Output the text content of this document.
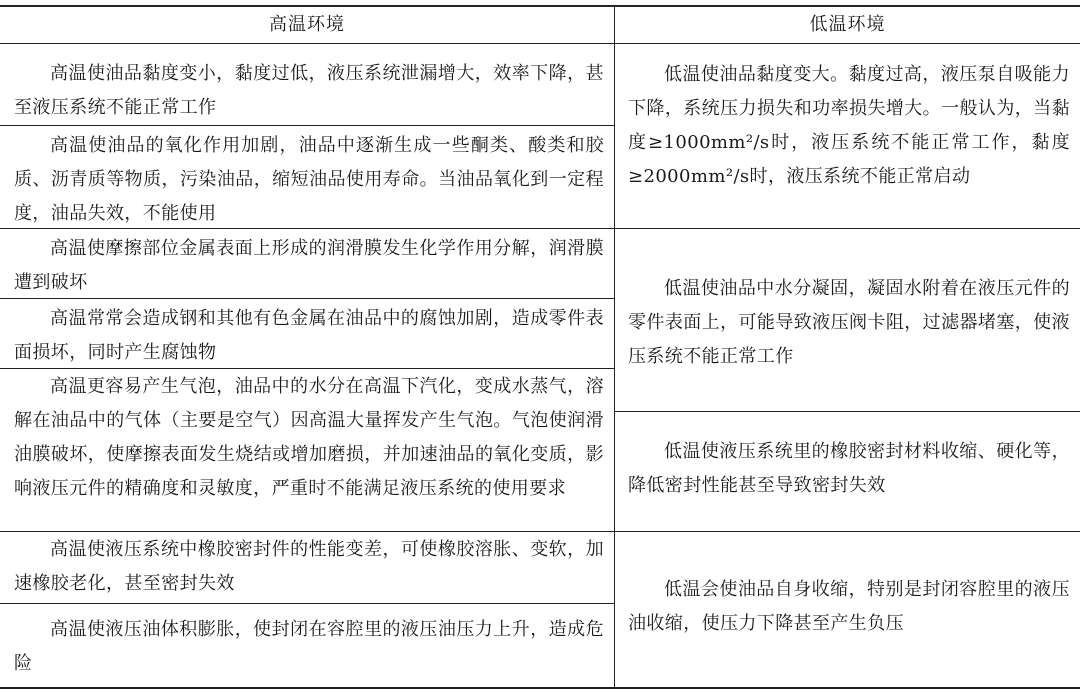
高温环境	低温环境
高温使油品黏度变小，黏度过低，液压系统泄漏增大，效率下降，甚至液压系统不能正常工作
高温使油品的氧化作用加剧，油品中逐渐生成一些酮类、酸类和胶质、沥青质等物质，污染油品，缩短油品使用寿命。当油品氧化到一定程度，油品失效，不能使用
高温使摩擦部位金属表面上形成的润滑膜发生化学作用分解，润滑膜遭到破坏
高温常常会造成钢和其他有色金属在油品中的腐蚀加剧，造成零件表面损坏，同时产生腐蚀物
高温更容易产生气泡，油品中的水分在高温下汽化，变成水蒸气，溶解在油品中的气体（主要是空气）因高温大量挥发产生气泡。气泡使润滑油膜破坏，使摩擦表面发生烧结或增加磨损，并加速油品的氧化变质，影响液压元件的精确度和灵敏度，严重时不能满足液压系统的使用要求
高温使液压系统中橡胶密封件的性能变差，可使橡胶溶胀、变软，加速橡胶老化，甚至密封失效
高温使液压油体积膨胀，使封闭在容腔里的液压油压力上升，造成危险
低温使油品黏度变大。黏度过高，液压泵自吸能力下降，系统压力损失和功率损失增大。一般认为，当黏度≥1000mm²/s时，液压系统不能正常工作，黏度≥2000mm²/s时，液压系统不能正常启动
低温使油品中水分凝固，凝固水附着在液压元件的零件表面上，可能导致液压阀卡阻，过滤器堵塞，使液压系统不能正常工作
低温使液压系统里的橡胶密封材料收缩、硬化等，降低密封性能甚至导致密封失效
低温会使油品自身收缩，特别是封闭容腔里的液压油收缩，使压力下降甚至产生负压
